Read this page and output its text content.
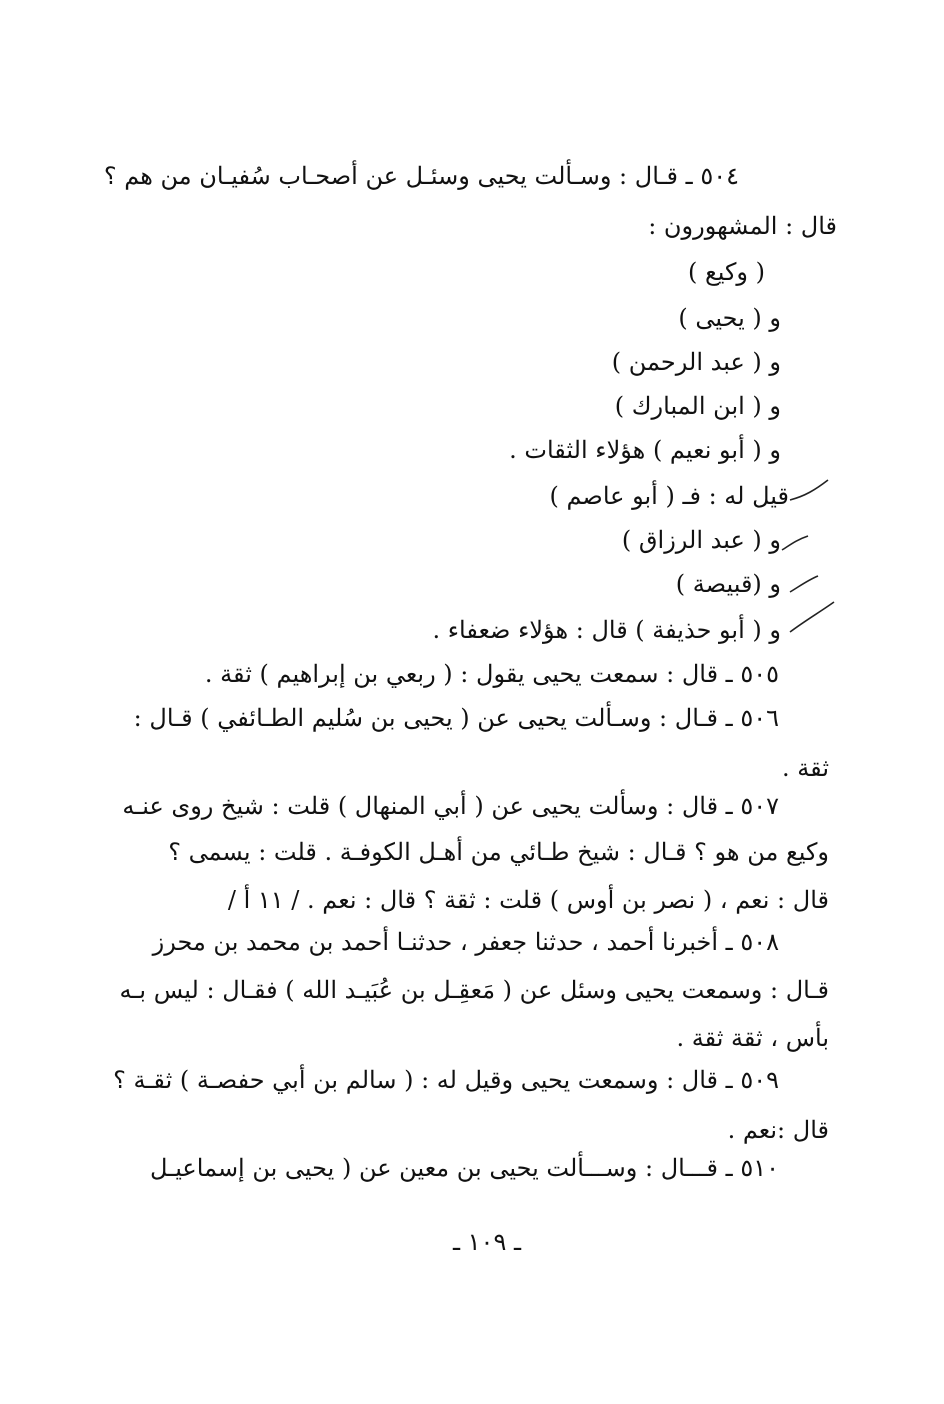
٥٠٤ ـ قـال : وسـألت يحيى وسئـل عن أصحـاب سُفيـان من هم ؟
قال : المشهورون :
( وكيع )
و ( يحيى )
و ( عبد الرحمن )
و ( ابن المبارك )
و ( أبو نعيم ) هؤلاء الثقات .
قيل له : فـ ( أبو عاصم )
و ( عبد الرزاق )
و (قبيصة )
و ( أبو حذيفة ) قال : هؤلاء ضعفاء .
٥٠٥ ـ قال : سمعت يحيى يقول : ( ربعي بن إبراهيم ) ثقة .
٥٠٦ ـ قـال : وسـألت يحيى عن ( يحيى بن سُليم الطـائفي ) قـال :
ثقة .
٥٠٧ ـ قال : وسألت يحيى عن ( أبي المنهال ) قلت : شيخ روى عنـه
وكيع من هو ؟ قـال : شيخ طـائي من أهـل الكوفـة . قلت : يسمى ؟
قال : نعم ، ( نصر بن أوس ) قلت : ثقة ؟ قال : نعم . / ١١ أ /
٥٠٨ ـ أخبرنا أحمد ، حدثنا جعفر ، حدثنـا أحمد بن محمد بن محرز
قـال : وسمعت يحيى وسئل عن ( مَعقِـل بن عُبَيـد الله ) فقـال : ليس بـه
بأس ، ثقة ثقة .
٥٠٩ ـ قال : وسمعت يحيى وقيل له : ( سالم بن أبي حفصـة ) ثقـة ؟
قال :نعم .
٥١٠ ـ قـــال : وســـألت يحيى بن معين عن ( يحيى بن إسماعيـل
ـ ١٠٩ ـ
